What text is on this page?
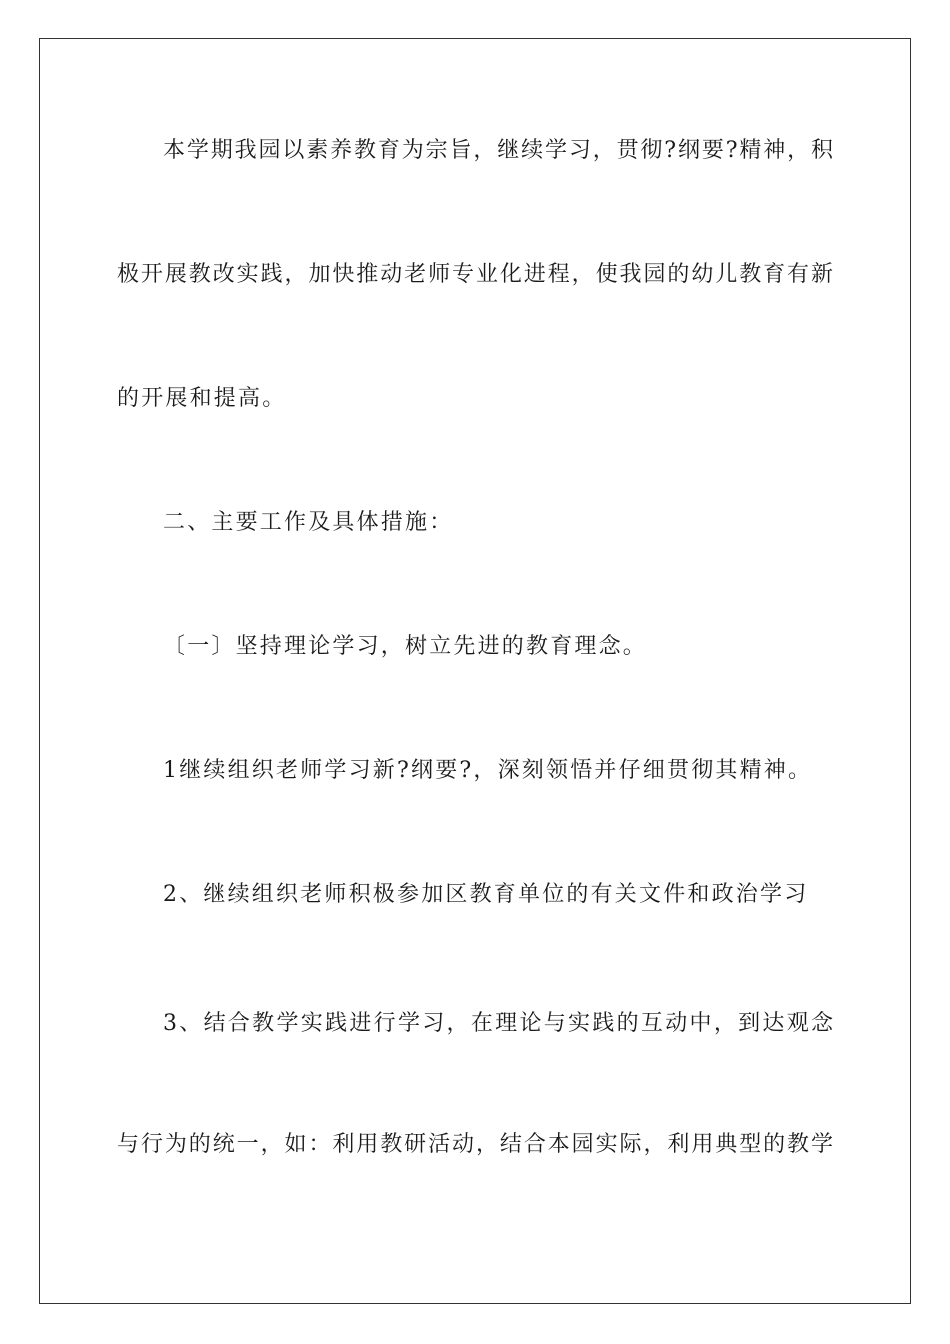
本学期我园以素养教育为宗旨，继续学习，贯彻?纲要?精神，积
极开展教改实践，加快推动老师专业化进程，使我园的幼儿教育有新
的开展和提高。
二、主要工作及具体措施：
〔一〕坚持理论学习，树立先进的教育理念。
1继续组织老师学习新?纲要?，深刻领悟并仔细贯彻其精神。
2、继续组织老师积极参加区教育单位的有关文件和政治学习
3、结合教学实践进行学习，在理论与实践的互动中，到达观念
与行为的统一，如：利用教研活动，结合本园实际，利用典型的教学
